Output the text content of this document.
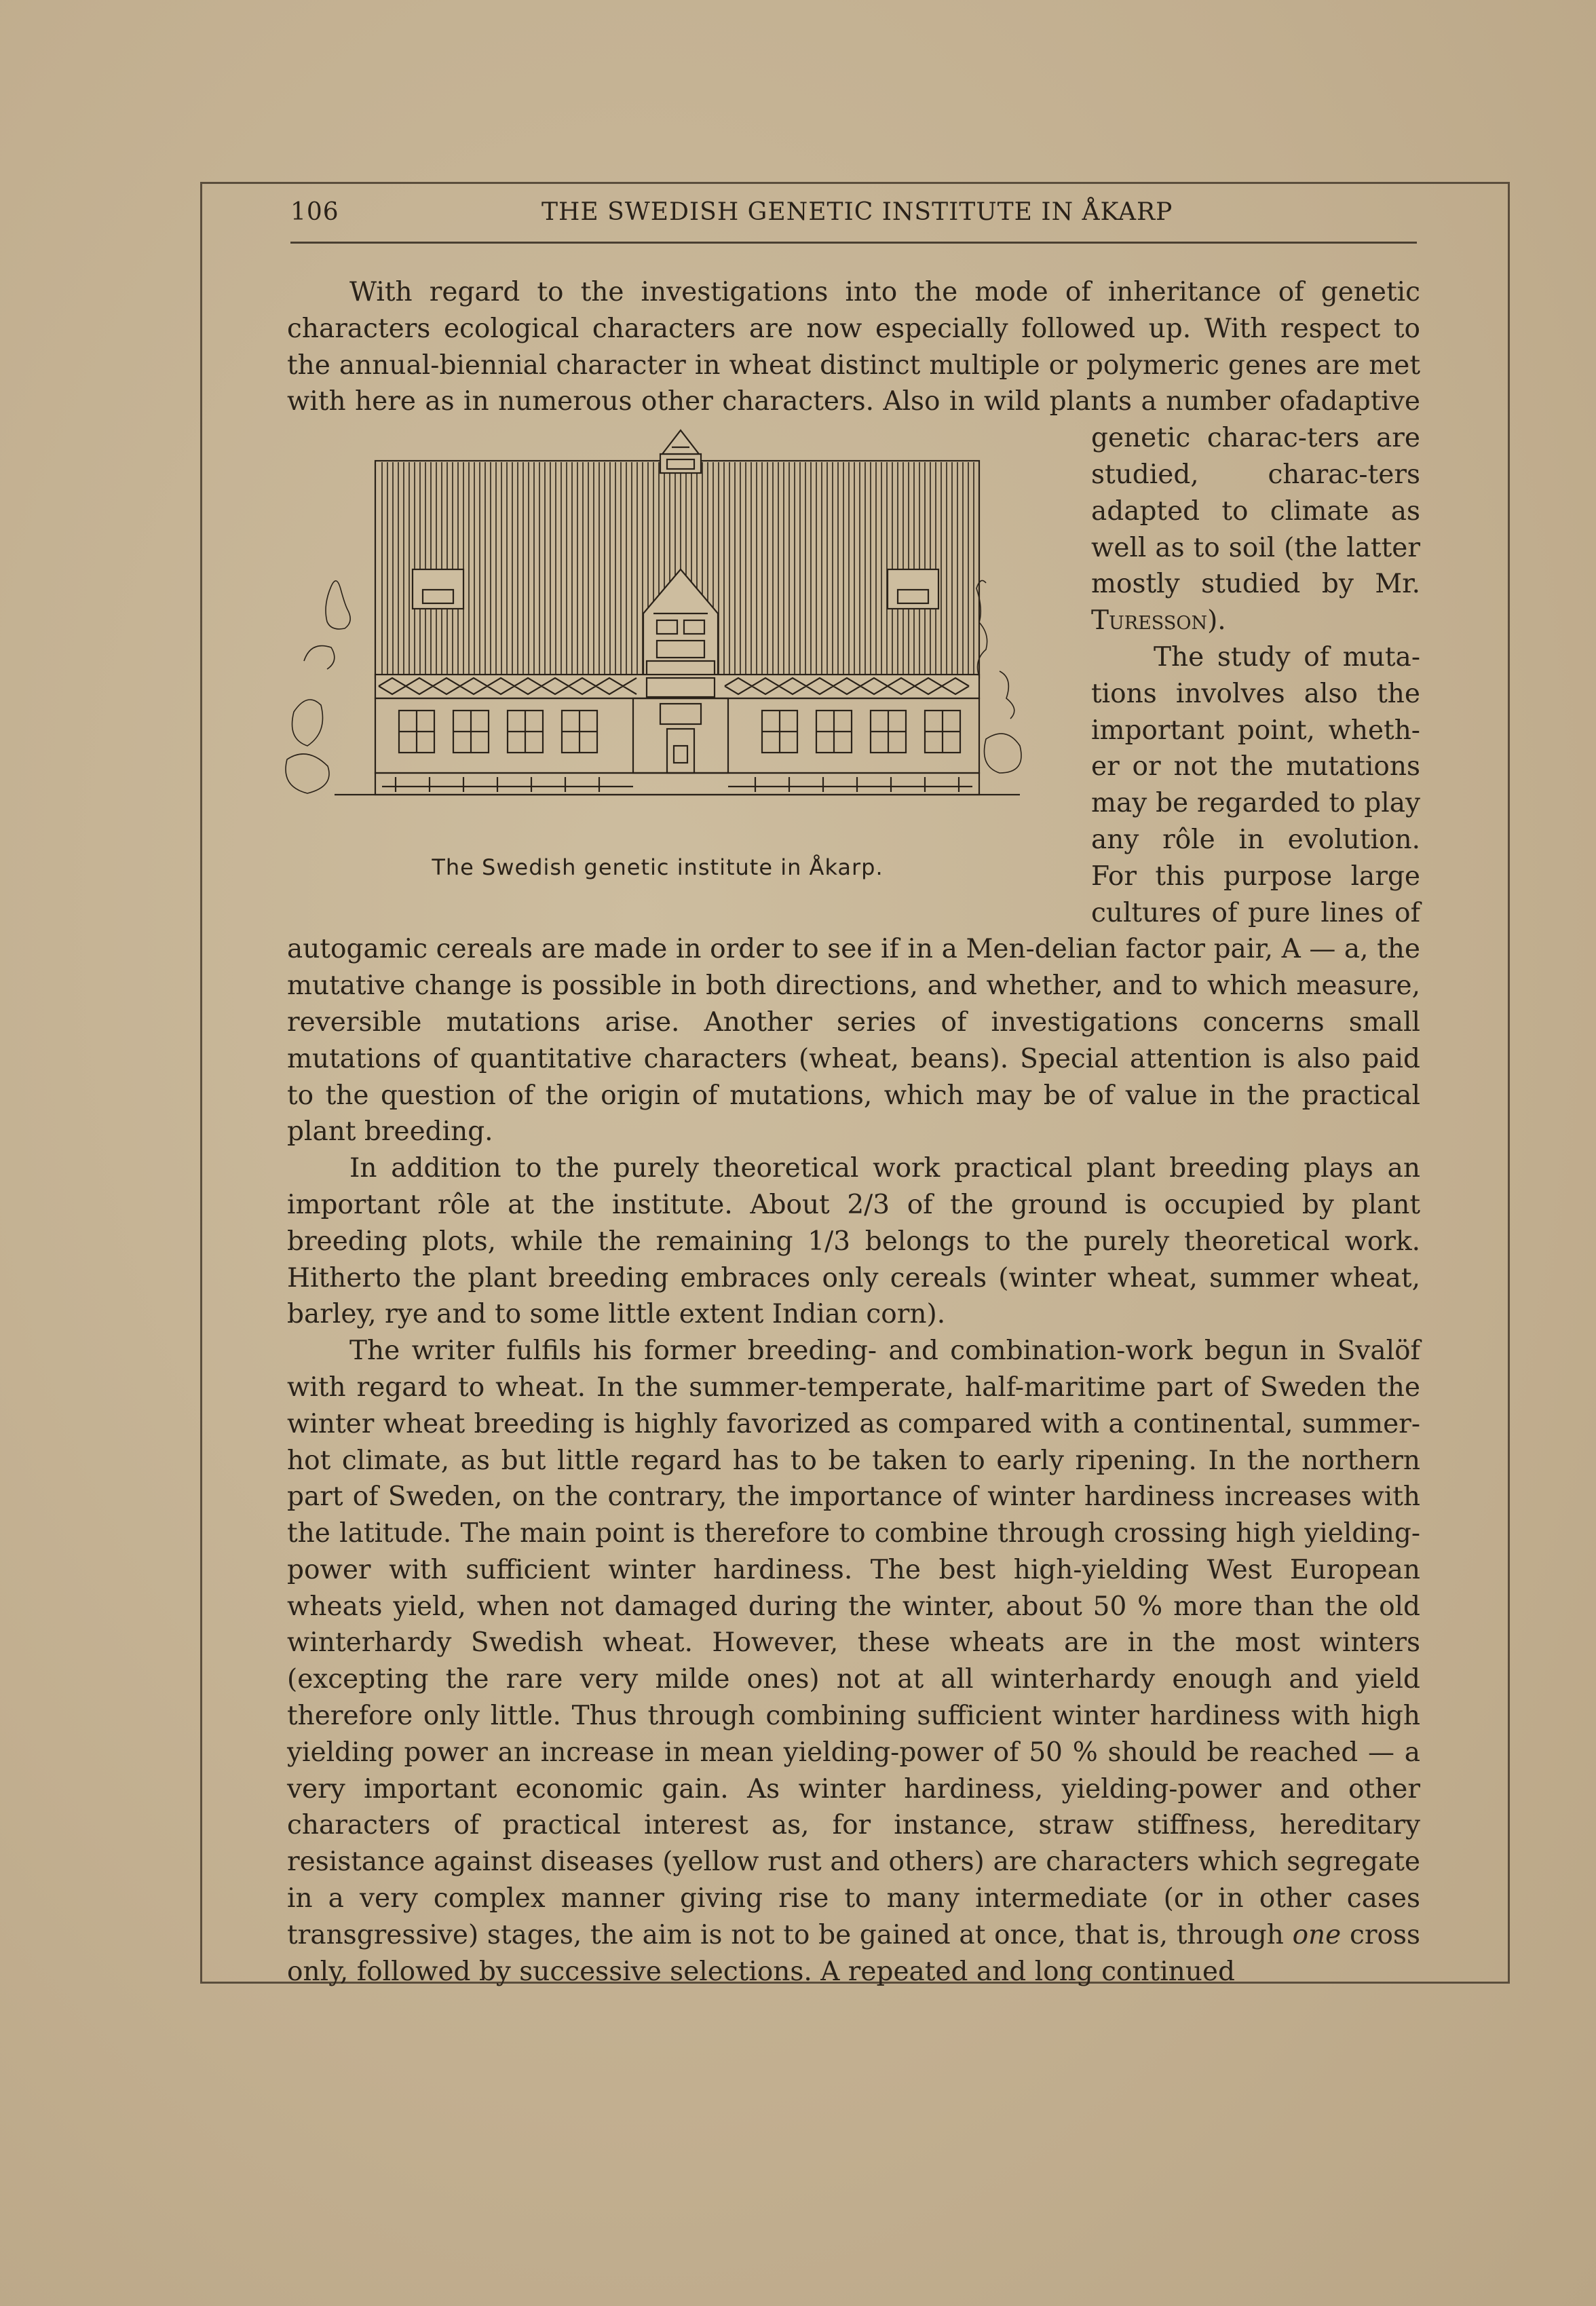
106	THE SWEDISH GENETIC INSTITUTE IN ÅKARP

With regard to the investigations into the mode of inheritance of genetic characters ecological characters are now especially followed up. With respect to the annual-biennial character in wheat distinct multiple or polymeric genes are met with here as in numerous other characters. Also in wild plants a number of
The Swedish genetic institute in Åkarp.
adaptive genetic charac-ters are studied, charac-ters adapted to climate as well as to soil (the latter mostly studied by Mr. Turesson).

The study of muta-tions involves also the important point, wheth-er or not the mutations may be regarded to play any rôle in evolution. For this purpose large cultures of pure lines of autogamic cereals are made in order to see if in a Men-delian factor pair, A — a, the mutative change is possible in both directions, and whether, and to which measure, reversible mutations arise. Another series of investigations concerns small mutations of quantitative characters (wheat, beans). Special attention is also paid to the question of the origin of mutations, which may be of value in the practical plant breeding.

In addition to the purely theoretical work practical plant breeding plays an important rôle at the institute. About 2/3 of the ground is occupied by plant breeding plots, while the remaining 1/3 belongs to the purely theoretical work. Hitherto the plant breeding embraces only cereals (winter wheat, summer wheat, barley, rye and to some little extent Indian corn).

The writer fulfils his former breeding- and combination-work begun in Svalöf with regard to wheat. In the summer-temperate, half-maritime part of Sweden the winter wheat breeding is highly favorized as compared with a continental, summer-hot climate, as but little regard has to be taken to early ripening. In the northern part of Sweden, on the contrary, the importance of winter hardiness increases with the latitude. The main point is therefore to combine through crossing high yielding-power with sufficient winter hardiness. The best high-yielding West European wheats yield, when not damaged during the winter, about 50 % more than the old winterhardy Swedish wheat. However, these wheats are in the most winters (excepting the rare very milde ones) not at all winterhardy enough and yield therefore only little. Thus through combining sufficient winter hardiness with high yielding power an increase in mean yielding-power of 50 % should be reached — a very important economic gain. As winter hardiness, yielding-power and other characters of practical interest as, for instance, straw stiffness, hereditary resistance against diseases (yellow rust and others) are characters which segregate in a very complex manner giving rise to many intermediate (or in other cases transgressive) stages, the aim is not to be gained at once, that is, through one cross only, followed by successive selections. A repeated and long continued
